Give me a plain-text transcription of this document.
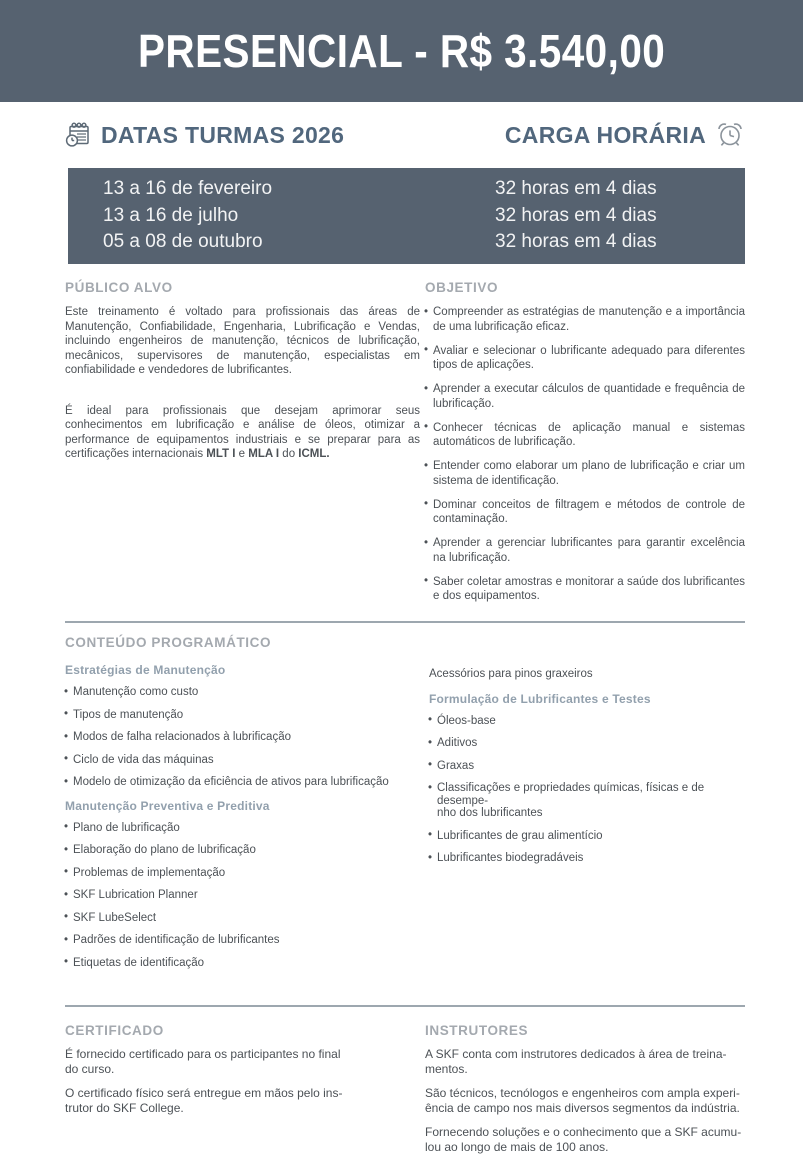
PRESENCIAL - R$ 3.540,00
DATAS TURMAS 2026	CARGA HORÁRIA
13 a 16 de fevereiro
13 a 16 de julho
05 a 08 de outubro
32 horas em 4 dias
32 horas em 4 dias
32 horas em 4 dias
PÚBLICO ALVO

Este treinamento é voltado para profissionais das áreas de Manutenção, Confiabilidade, Engenharia, Lubrificação e Vendas, incluindo engenheiros de manutenção, técnicos de lubrificação, mecânicos, supervisores de manutenção, especialistas em confiabilidade e vendedores de lubrificantes.

É ideal para profissionais que desejam aprimorar seus conhecimentos em lubrificação e análise de óleos, otimizar a performance de equipamentos industriais e se preparar para as certificações internacionais MLT I e MLA I do ICML.

OBJETIVO
• Compreender as estratégias de manutenção e a importância de uma lubrificação eficaz.
• Avaliar e selecionar o lubrificante adequado para diferentes tipos de aplicações.
• Aprender a executar cálculos de quantidade e frequência de lubrificação.
• Conhecer técnicas de aplicação manual e sistemas automáticos de lubrificação.
• Entender como elaborar um plano de lubrificação e criar um sistema de identificação.
• Dominar conceitos de filtragem e métodos de controle de contaminação.
• Aprender a gerenciar lubrificantes para garantir excelência na lubrificação.
• Saber coletar amostras e monitorar a saúde dos lubrificantes e dos equipamentos.
CONTEÚDO PROGRAMÁTICO
Estratégias de Manutenção
• Manutenção como custo
• Tipos de manutenção
• Modos de falha relacionados à lubrificação
• Ciclo de vida das máquinas
• Modelo de otimização da eficiência de ativos para lubrificação
Manutenção Preventiva e Preditiva
• Plano de lubrificação
• Elaboração do plano de lubrificação
• Problemas de implementação
• SKF Lubrication Planner
• SKF LubeSelect
• Padrões de identificação de lubrificantes
• Etiquetas de identificação
Acessórios para pinos graxeiros
Formulação de Lubrificantes e Testes
• Óleos-base
• Aditivos
• Graxas
• Classificações e propriedades químicas, físicas e de desempe-
nho dos lubrificantes
• Lubrificantes de grau alimentício
• Lubrificantes biodegradáveis
CERTIFICADO

É fornecido certificado para os participantes no final
do curso.

O certificado físico será entregue em mãos pelo ins-
trutor do SKF College.

INSTRUTORES

A SKF conta com instrutores dedicados à área de treina-
mentos.

São técnicos, tecnólogos e engenheiros com ampla experi-
ência de campo nos mais diversos segmentos da indústria.

Fornecendo soluções e o conhecimento que a SKF acumu-
lou ao longo de mais de 100 anos.
